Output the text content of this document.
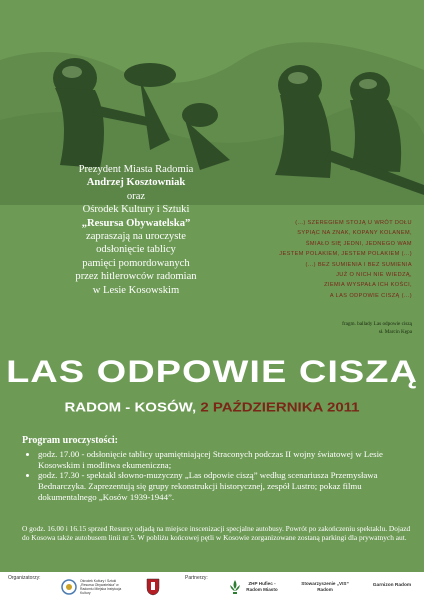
Prezydent Miasta Radomia
Andrzej Kosztowniak
oraz
Ośrodek Kultury i Sztuki
„Resursa Obywatelska”
zapraszają na uroczyste
odsłonięcie tablicy
pamięci pomordowanych
przez hitlerowców radomian
w Lesie Kosowskim
(...) SZEREGIEM STOJĄ U WRÓT DOŁU
SYPIĄC NA ZNAK, KOPANY KOLANEM,
ŚMIAŁO SIĘ JEDNI, JEDNEGO WAM
JESTEM POLAKIEM, JESTEM POLAKIEM (...)
(...) BEZ SUMIENIA I BEZ SUMIENIA
JUŻ O NICH NIE WIEDZĄ,
ZIEMIA WYSPAŁA ICH KOŚCI,
A LAS ODPOWIE CISZĄ (...)
fragm. ballady Las odpowie ciszą
sł. Marcin Kępa
LAS ODPOWIE CISZĄ
RADOM - KOSÓW, 2 PAŹDZIERNIKA 2011
Program uroczystości:
• godz. 17.00 - odsłonięcie tablicy upamiętniającej Straconych podczas II wojny światowej w Lesie Kosowskim i modlitwa ekumeniczna;
• godz. 17.30 - spektakl słowno-muzyczny „Las odpowie ciszą” według scenariusza Przemysława Bednarczyka. Zaprezentują się grupy rekonstrukcji historycznej, zespół Lustro; pokaz filmu dokumentalnego „Kosów 1939-1944”.
O godz. 16.00 i 16.15 sprzed Resursy odjadą na miejsce inscenizacji specjalne autobusy. Powrót po zakończeniu spektaklu. Dojazd do Kosowa także autobusem linii nr 5. W pobliżu końcowej pętli w Kosowie zorganizowane zostaną parkingi dla prywatnych aut.
Organizatorzy:	Ośrodek Kultury i Sztuki „Resursa Obywatelska” w Radomiu Miejska Instytucja Kultury
Partnerzy:
ZHP Hufiec - Radom Miasto
Stowarzyszenie „VIS” Radom
Garnizon Radom
